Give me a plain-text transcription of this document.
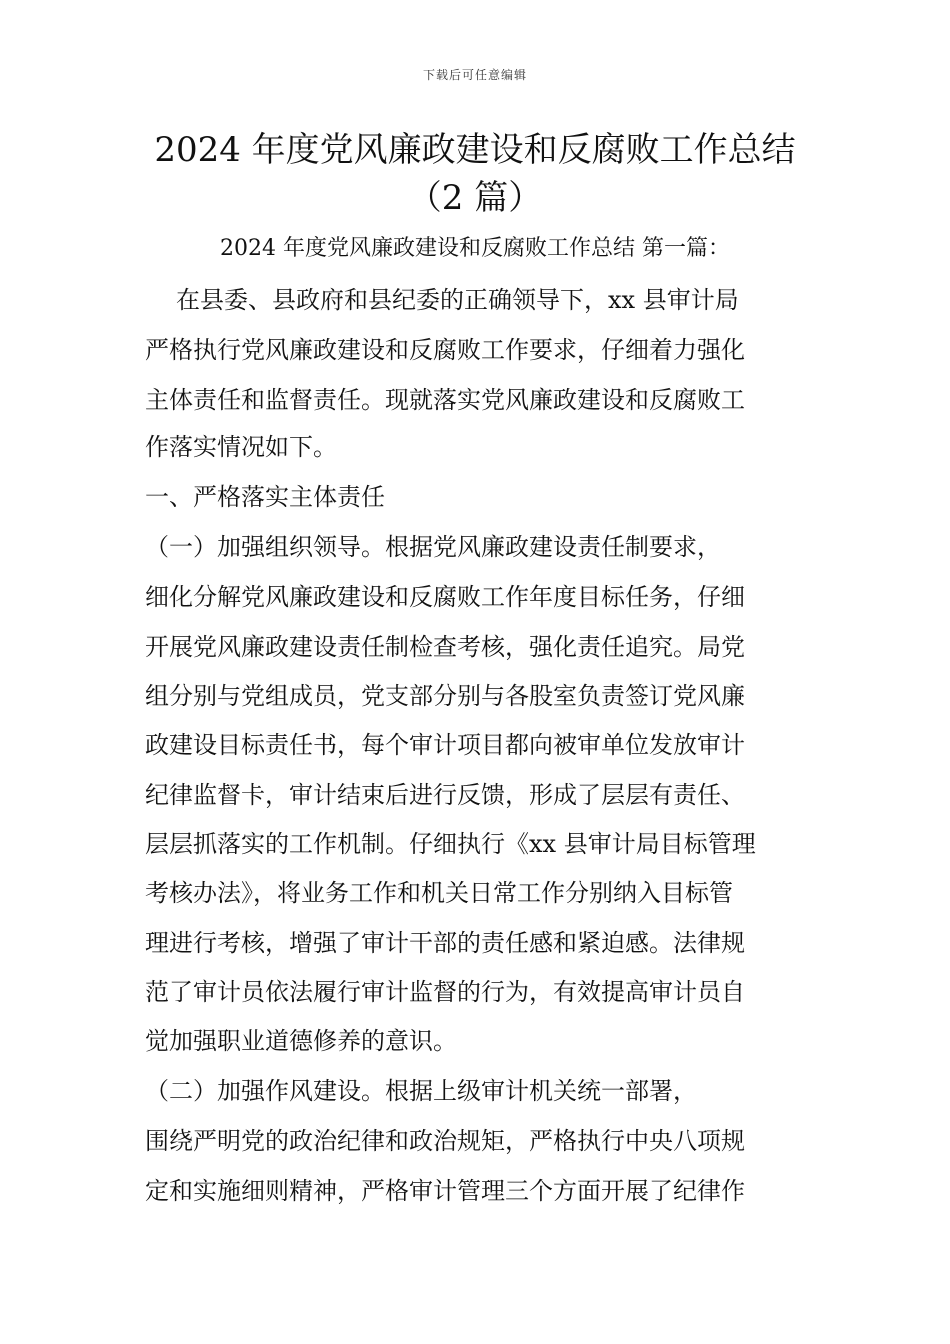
下载后可任意编辑
2024 年度党风廉政建设和反腐败工作总结
（2 篇）
2024 年度党风廉政建设和反腐败工作总结 第一篇：
在县委、县政府和县纪委的正确领导下，xx 县审计局
严格执行党风廉政建设和反腐败工作要求，仔细着力强化
主体责任和监督责任。现就落实党风廉政建设和反腐败工
作落实情况如下。
一、严格落实主体责任
（一）加强组织领导。根据党风廉政建设责任制要求，
细化分解党风廉政建设和反腐败工作年度目标任务，仔细
开展党风廉政建设责任制检查考核，强化责任追究。局党
组分别与党组成员，党支部分别与各股室负责签订党风廉
政建设目标责任书，每个审计项目都向被审单位发放审计
纪律监督卡，审计结束后进行反馈，形成了层层有责任、
层层抓落实的工作机制。仔细执行《xx 县审计局目标管理
考核办法》，将业务工作和机关日常工作分别纳入目标管
理进行考核，增强了审计干部的责任感和紧迫感。法律规
范了审计员依法履行审计监督的行为，有效提高审计员自
觉加强职业道德修养的意识。
（二）加强作风建设。根据上级审计机关统一部署，
围绕严明党的政治纪律和政治规矩，严格执行中央八项规
定和实施细则精神，严格审计管理三个方面开展了纪律作
